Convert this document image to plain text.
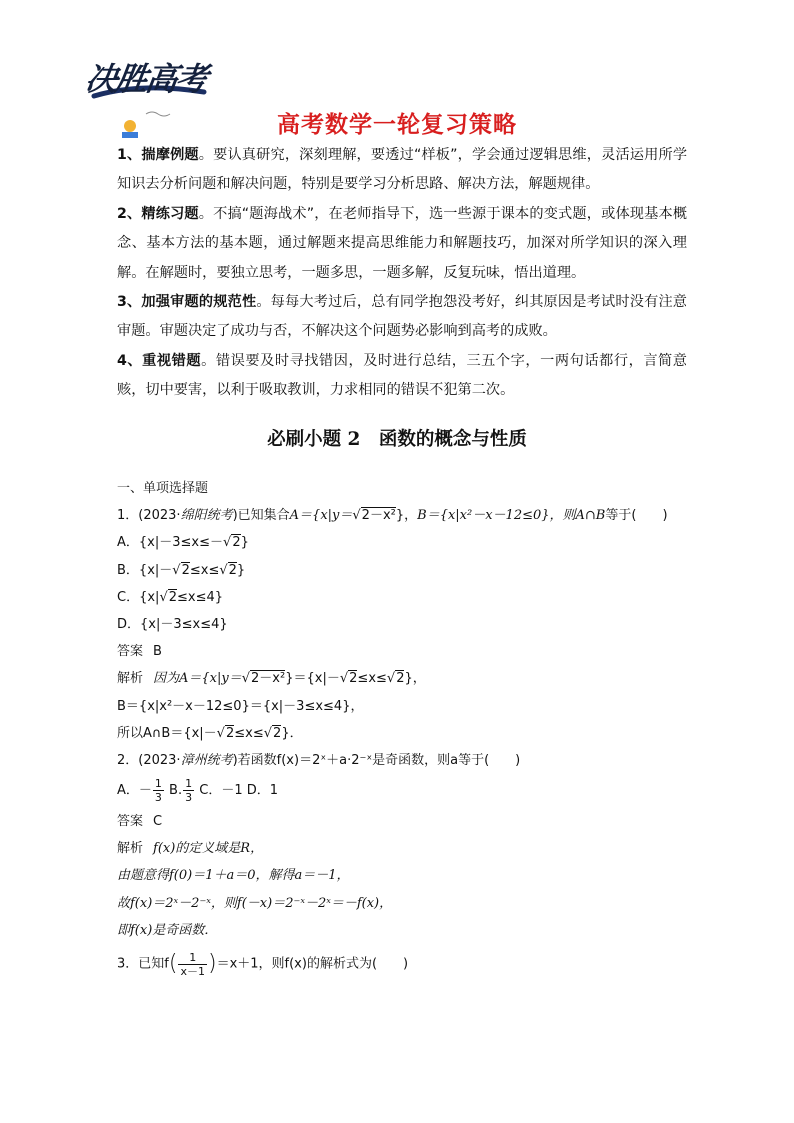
决胜高考
高考数学一轮复习策略

1、揣摩例题。要认真研究，深刻理解，要透过“样板”，学会通过逻辑思维，灵活运用所学知识去分析问题和解决问题，特别是要学习分析思路、解决方法，解题规律。

2、精练习题。不搞“题海战术”，在老师指导下，选一些源于课本的变式题，或体现基本概念、基本方法的基本题，通过解题来提高思维能力和解题技巧，加深对所学知识的深入理解。在解题时，要独立思考，一题多思，一题多解，反复玩味，悟出道理。

3、加强审题的规范性。每每大考过后，总有同学抱怨没考好，纠其原因是考试时没有注意审题。审题决定了成功与否，不解决这个问题势必影响到高考的成败。

4、重视错题。错误要及时寻找错因，及时进行总结，三五个字，一两句话都行，言简意赅，切中要害，以利于吸取教训，力求相同的错误不犯第二次。

必刷小题 2　函数的概念与性质
一、单项选择题
1．(2023·绵阳统考)已知集合A＝{x|y＝√2－x²}，B＝{x|x²－x－12≤0}，则A∩B等于(　　)
A．{x|－3≤x≤－√2}
B．{x|－√2≤x≤√2}
C．{x|√2≤x≤4}
D．{x|－3≤x≤4}
答案 B
解析 因为A＝{x|y＝√2－x²}＝{x|－√2≤x≤√2}，
B＝{x|x²－x－12≤0}＝{x|－3≤x≤4}，
所以A∩B＝{x|－√2≤x≤√2}．
2．(2023·漳州统考)若函数f(x)＝2ˣ＋a·2⁻ˣ是奇函数，则a等于(　　)
A．－ $\frac{1}{3} B$. $\frac{1}{3}$ C．－1 D．1
答案 C
解析 f(x)的定义域是R，
由题意得f(0)＝1＋a＝0，解得a＝－1，
故f(x)＝2ˣ－2⁻ˣ，则f(－x)＝2⁻ˣ－2ˣ＝－f(x)，
即f(x)是奇函数．
3．已知$f( \frac{1}{x-1} )=x+1$，则f(x)的解析式为(　　)
